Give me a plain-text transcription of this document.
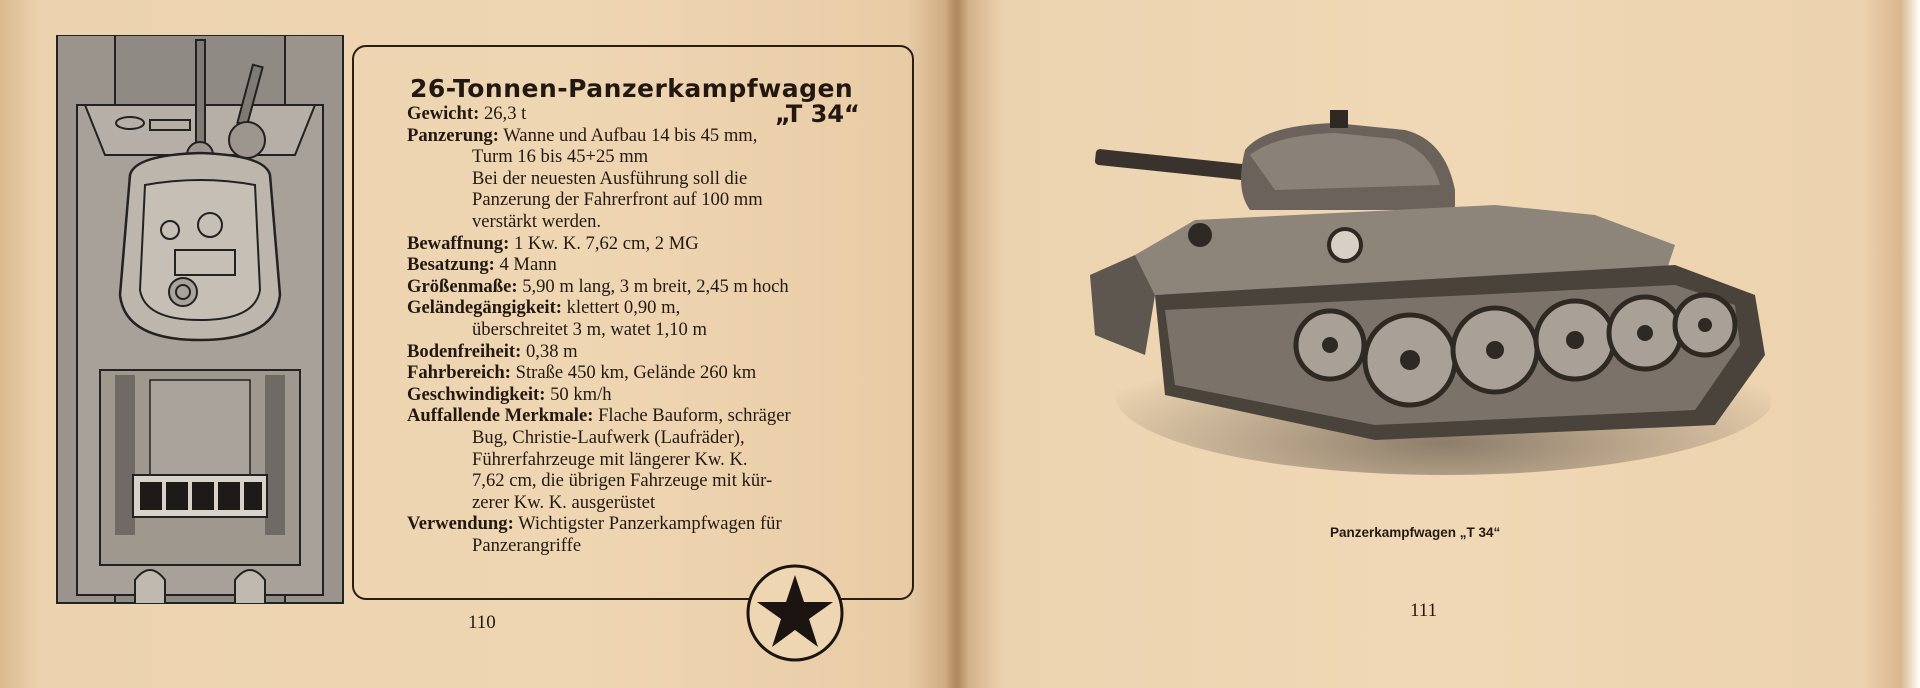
26-Tonnen-Panzerkampfwagen
„T 34“
Gewicht: 26,3 t
Panzerung: Wanne und Aufbau 14 bis 45 mm,
Turm 16 bis 45+25 mm
Bei der neuesten Ausführung soll die
Panzerung der Fahrerfront auf 100 mm
verstärkt werden.
Bewaffnung: 1 Kw. K. 7,62 cm, 2 MG
Besatzung: 4 Mann
Größenmaße: 5,90 m lang, 3 m breit, 2,45 m hoch
Geländegängigkeit: klettert 0,90 m,
überschreitet 3 m, watet 1,10 m
Bodenfreiheit: 0,38 m
Fahrbereich: Straße 450 km, Gelände 260 km
Geschwindigkeit: 50 km/h
Auffallende Merkmale: Flache Bauform, schräger
Bug, Christie-Laufwerk (Laufräder),
Führerfahrzeuge mit längerer Kw. K.
7,62 cm, die übrigen Fahrzeuge mit kür-
zerer Kw. K. ausgerüstet
Verwendung: Wichtigster Panzerkampfwagen für
Panzerangriffe
110
Panzerkampfwagen „T 34“
111
